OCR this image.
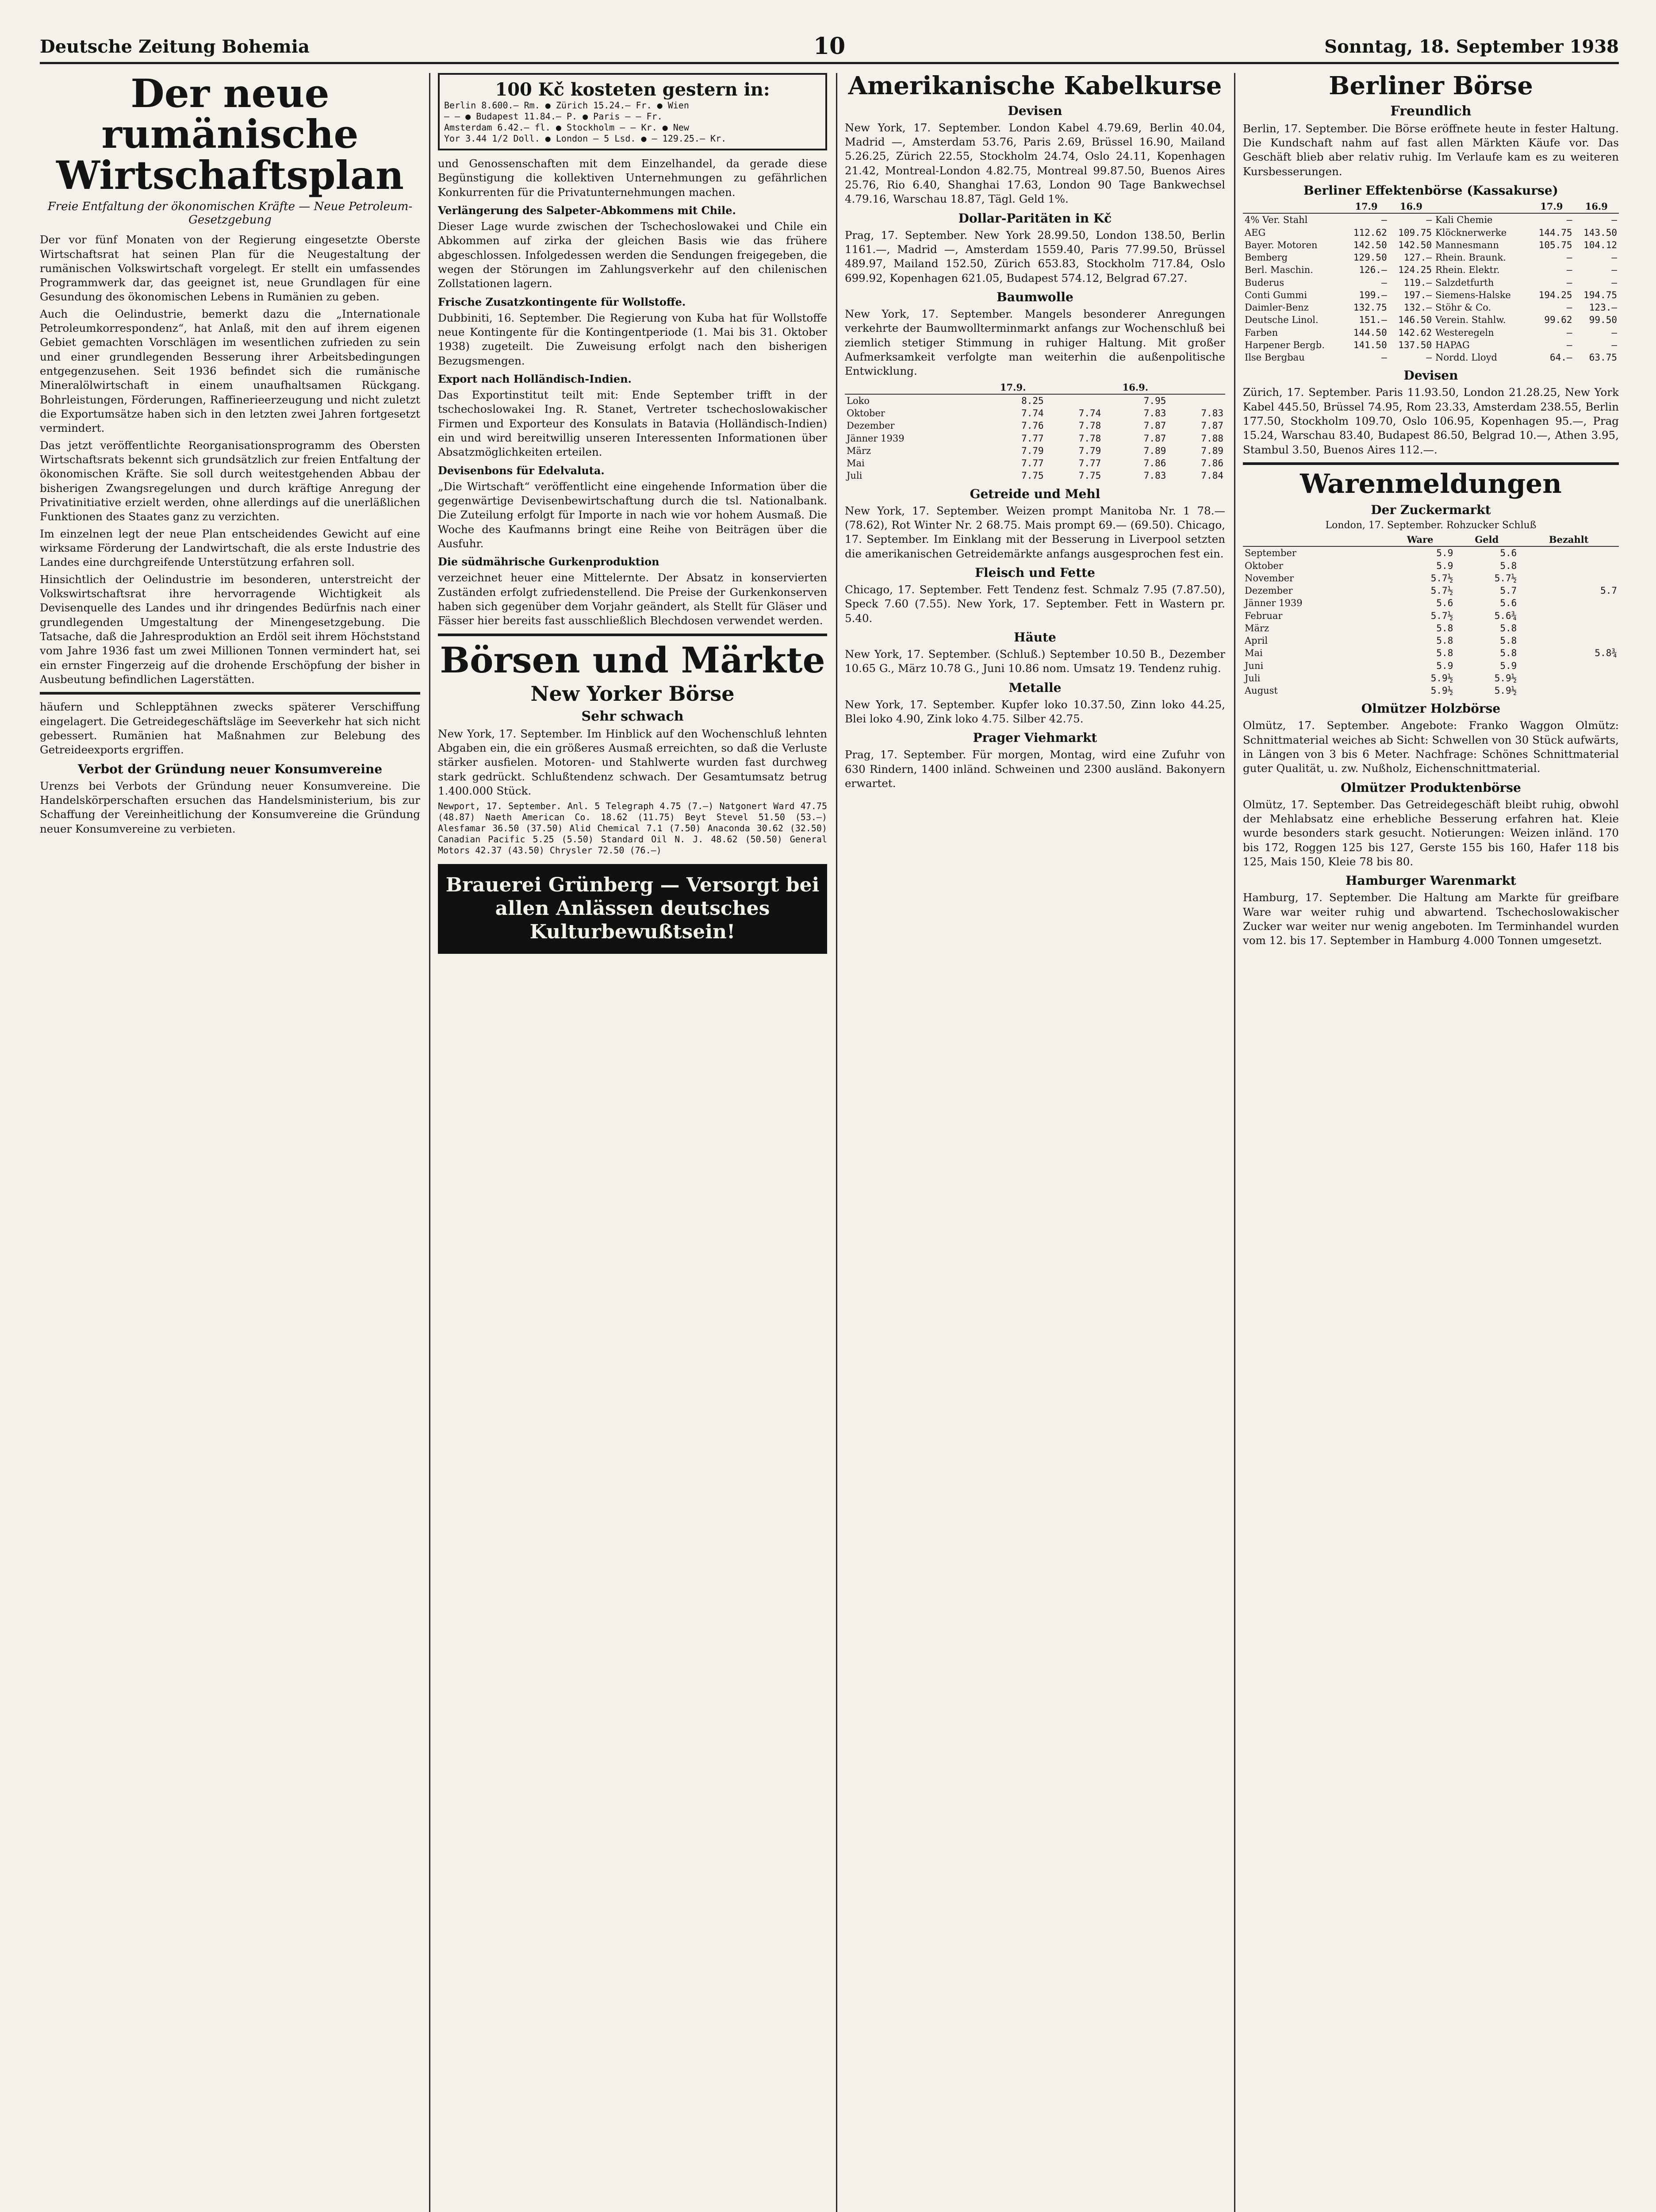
Deutsche Zeitung Bohemia	10	Sonntag, 18. September 1938
Der neue rumänische Wirtschaftsplan
Freie Entfaltung der ökonomischen Kräfte — Neue Petroleum-Gesetzgebung

Der vor fünf Monaten von der Regierung eingesetzte Oberste Wirtschaftsrat hat seinen Plan für die Neugestaltung der rumänischen Volkswirtschaft vorgelegt. Er stellt ein umfassendes Programmwerk dar, das geeignet ist, neue Grundlagen für eine Gesundung des ökonomischen Lebens in Rumänien zu geben.

Auch die Oelindustrie, bemerkt dazu die „Internationale Petroleumkorrespondenz“, hat Anlaß, mit den auf ihrem eigenen Gebiet gemachten Vorschlägen im wesentlichen zufrieden zu sein und einer grundlegenden Besserung ihrer Arbeitsbedingungen entgegenzusehen. Seit 1936 befindet sich die rumänische Mineralölwirtschaft in einem unaufhaltsamen Rückgang. Bohrleistungen, Förderungen, Raffinerieerzeugung und nicht zuletzt die Exportumsätze haben sich in den letzten zwei Jahren fortgesetzt vermindert.

Das jetzt veröffentlichte Reorganisationsprogramm des Obersten Wirtschaftsrats bekennt sich grundsätzlich zur freien Entfaltung der ökonomischen Kräfte. Sie soll durch weitestgehenden Abbau der bisherigen Zwangsregelungen und durch kräftige Anregung der Privatinitiative erzielt werden, ohne allerdings auf die unerläßlichen Funktionen des Staates ganz zu verzichten.

Im einzelnen legt der neue Plan entscheidendes Gewicht auf eine wirksame Förderung der Landwirtschaft, die als erste Industrie des Landes eine durchgreifende Unterstützung erfahren soll.

Hinsichtlich der Oelindustrie im besonderen, unterstreicht der Volkswirtschaftsrat ihre hervorragende Wichtigkeit als Devisenquelle des Landes und ihr dringendes Bedürfnis nach einer grundlegenden Umgestaltung der Minengesetzgebung. Die Tatsache, daß die Jahresproduktion an Erdöl seit ihrem Höchststand vom Jahre 1936 fast um zwei Millionen Tonnen vermindert hat, sei ein ernster Fingerzeig auf die drohende Erschöpfung der bisher in Ausbeutung befindlichen Lagerstätten.

häufern und Schlepptähnen zwecks späterer Verschiffung eingelagert. Die Getreidegeschäftsläge im Seeverkehr hat sich nicht gebessert. Rumänien hat Maßnahmen zur Belebung des Getreideexports ergriffen.

Verbot der Gründung neuer Konsumvereine

Urenzs bei Verbots der Gründung neuer Konsumvereine. Die Handelskörperschaften ersuchen das Handelsministerium, bis zur Schaffung der Vereinheitlichung der Konsumvereine die Gründung neuer Konsumvereine zu verbieten.

100 Kč kosteten gestern in:
Berlin 8.600.— Rm. ● Zürich 15.24.— Fr. ● Wien
— — ● Budapest 11.84.— P. ● Paris — — Fr.
Amsterdam 6.42.— fl. ● Stockholm — — Kr. ● New
Yor 3.44 1/2 Doll. ● London — 5 Lsd. ● — 129.25.— Kr.

und Genossenschaften mit dem Einzelhandel, da gerade diese Begünstigung die kollektiven Unternehmungen zu gefährlichen Konkurrenten für die Privatunternehmungen machen.

Verlängerung des Salpeter-Abkommens mit Chile.

Dieser Lage wurde zwischen der Tschechoslowakei und Chile ein Abkommen auf zirka der gleichen Basis wie das frühere abgeschlossen. Infolgedessen werden die Sendungen freigegeben, die wegen der Störungen im Zahlungsverkehr auf den chilenischen Zollstationen lagern.

Frische Zusatzkontingente für Wollstoffe.

Dubbiniti, 16. September. Die Regierung von Kuba hat für Wollstoffe neue Kontingente für die Kontingentperiode (1. Mai bis 31. Oktober 1938) zugeteilt. Die Zuweisung erfolgt nach den bisherigen Bezugsmengen.

Export nach Holländisch-Indien.

Das Exportinstitut teilt mit: Ende September trifft in der tschechoslowakei Ing. R. Stanet, Vertreter tschechoslowakischer Firmen und Exporteur des Konsulats in Batavia (Holländisch-Indien) ein und wird bereitwillig unseren Interessenten Informationen über Absatzmöglichkeiten erteilen.

Devisenbons für Edelvaluta.

„Die Wirtschaft“ veröffentlicht eine eingehende Information über die gegenwärtige Devisenbewirtschaftung durch die tsl. Nationalbank. Die Zuteilung erfolgt für Importe in nach wie vor hohem Ausmaß. Die Woche des Kaufmanns bringt eine Reihe von Beiträgen über die Ausfuhr.

Die südmährische Gurkenproduktion

verzeichnet heuer eine Mittelernte. Der Absatz in konservierten Zuständen erfolgt zufriedenstellend. Die Preise der Gurkenkonserven haben sich gegenüber dem Vorjahr geändert, als Stellt für Gläser und Fässer hier bereits fast ausschließlich Blechdosen verwendet werden.

Börsen und Märkte
New Yorker Börse
Sehr schwach

New York, 17. September. Im Hinblick auf den Wochenschluß lehnten Abgaben ein, die ein größeres Ausmaß erreichten, so daß die Verluste stärker ausfielen. Motoren- und Stahlwerte wurden fast durchweg stark gedrückt. Schlußtendenz schwach. Der Gesamtumsatz betrug 1.400.000 Stück.

Newport, 17. September. Anl. 5 Telegraph 4.75 (7.—) Natgonert Ward 47.75 (48.87) Naeth American Co. 18.62 (11.75) Beyt Stevel 51.50 (53.—) Alesfamar 36.50 (37.50) Alid Chemical 7.1 (7.50) Anaconda 30.62 (32.50) Canadian Pacific 5.25 (5.50) Standard Oil N. J. 48.62 (50.50) General Motors 42.37 (43.50) Chrysler 72.50 (76.—)

Brauerei Grünberg — Versorgt bei allen Anlässen deutsches Kulturbewußtsein!
Amerikanische Kabelkurse
Devisen

New York, 17. September. London Kabel 4.79.69, Berlin 40.04, Madrid —, Amsterdam 53.76, Paris 2.69, Brüssel 16.90, Mailand 5.26.25, Zürich 22.55, Stockholm 24.74, Oslo 24.11, Kopenhagen 21.42, Montreal-London 4.82.75, Montreal 99.87.50, Buenos Aires 25.76, Rio 6.40, Shanghai 17.63, London 90 Tage Bankwechsel 4.79.16, Warschau 18.87, Tägl. Geld 1%.

Dollar-Paritäten in Kč

Prag, 17. September. New York 28.99.50, London 138.50, Berlin 1161.—, Madrid —, Amsterdam 1559.40, Paris 77.99.50, Brüssel 489.97, Mailand 152.50, Zürich 653.83, Stockholm 717.84, Oslo 699.92, Kopenhagen 621.05, Budapest 574.12, Belgrad 67.27.

Baumwolle

New York, 17. September. Mangels besonderer Anregungen verkehrte der Baumwollterminmarkt anfangs zur Wochenschluß bei ziemlich stetiger Stimmung in ruhiger Haltung. Mit großer Aufmerksamkeit verfolgte man weiterhin die außenpolitische Entwicklung.

	17.9.		16.9.	
Loko	8.25		7.95	
Oktober	7.74	7.74	7.83	7.83
Dezember	7.76	7.78	7.87	7.87
Jänner 1939	7.77	7.78	7.87	7.88
März	7.79	7.79	7.89	7.89
Mai	7.77	7.77	7.86	7.86
Juli	7.75	7.75	7.83	7.84
Getreide und Mehl

New York, 17. September. Weizen prompt Manitoba Nr. 1 78.— (78.62), Rot Winter Nr. 2 68.75. Mais prompt 69.— (69.50). Chicago, 17. September. Im Einklang mit der Besserung in Liverpool setzten die amerikanischen Getreidemärkte anfangs ausgesprochen fest ein.

Fleisch und Fette

Chicago, 17. September. Fett Tendenz fest. Schmalz 7.95 (7.87.50), Speck 7.60 (7.55). New York, 17. September. Fett in Wastern pr. 5.40.

Häute

New York, 17. September. (Schluß.) September 10.50 B., Dezember 10.65 G., März 10.78 G., Juni 10.86 nom. Umsatz 19. Tendenz ruhig.

Metalle

New York, 17. September. Kupfer loko 10.37.50, Zinn loko 44.25, Blei loko 4.90, Zink loko 4.75. Silber 42.75.

Prager Viehmarkt

Prag, 17. September. Für morgen, Montag, wird eine Zufuhr von 630 Rindern, 1400 inländ. Schweinen und 2300 ausländ. Bakonyern erwartet.

Berliner Börse
Freundlich

Berlin, 17. September. Die Börse eröffnete heute in fester Haltung. Die Kundschaft nahm auf fast allen Märkten Käufe vor. Das Geschäft blieb aber relativ ruhig. Im Verlaufe kam es zu weiteren Kursbesserungen.

Berliner Effektenbörse (Kassakurse)
	17.9	16.9		17.9	16.9
4% Ver. Stahl	—	—	Kali Chemie	—	—
AEG	112.62	109.75	Klöcknerwerke	144.75	143.50
Bayer. Motoren	142.50	142.50	Mannesmann	105.75	104.12
Bemberg	129.50	127.—	Rhein. Braunk.	—	—
Berl. Maschin.	126.—	124.25	Rhein. Elektr.	—	—
Buderus	—	119.—	Salzdetfurth	—	—
Conti Gummi	199.—	197.—	Siemens-Halske	194.25	194.75
Daimler-Benz	132.75	132.—	Stöhr & Co.	—	123.—
Deutsche Linol.	151.—	146.50	Verein. Stahlw.	99.62	99.50
Farben	144.50	142.62	Westeregeln	—	—
Harpener Bergb.	141.50	137.50	HAPAG	—	—
Ilse Bergbau	—	—	Nordd. Lloyd	64.—	63.75
Devisen

Zürich, 17. September. Paris 11.93.50, London 21.28.25, New York Kabel 445.50, Brüssel 74.95, Rom 23.33, Amsterdam 238.55, Berlin 177.50, Stockholm 109.70, Oslo 106.95, Kopenhagen 95.—, Prag 15.24, Warschau 83.40, Budapest 86.50, Belgrad 10.—, Athen 3.95, Stambul 3.50, Buenos Aires 112.—.

Warenmeldungen
Der Zuckermarkt
London, 17. September. Rohzucker Schluß
	Ware	Geld	Bezahlt
September	5.9	5.6	
Oktober	5.9	5.8	
November	5.7½	5.7½	
Dezember	5.7½	5.7	5.7
Jänner 1939	5.6	5.6	
Februar	5.7½	5.6¾	
März	5.8	5.8	
April	5.8	5.8	
Mai	5.8	5.8	5.8¾
Juni	5.9	5.9	
Juli	5.9½	5.9½	
August	5.9½	5.9½	
Olmützer Holzbörse

Olmütz, 17. September. Angebote: Franko Waggon Olmütz: Schnittmaterial weiches ab Sicht: Schwellen von 30 Stück aufwärts, in Längen von 3 bis 6 Meter. Nachfrage: Schönes Schnittmaterial guter Qualität, u. zw. Nußholz, Eichenschnittmaterial.

Olmützer Produktenbörse

Olmütz, 17. September. Das Getreidegeschäft bleibt ruhig, obwohl der Mehlabsatz eine erhebliche Besserung erfahren hat. Kleie wurde besonders stark gesucht. Notierungen: Weizen inländ. 170 bis 172, Roggen 125 bis 127, Gerste 155 bis 160, Hafer 118 bis 125, Mais 150, Kleie 78 bis 80.

Hamburger Warenmarkt

Hamburg, 17. September. Die Haltung am Markte für greifbare Ware war weiter ruhig und abwartend. Tschechoslowakischer Zucker war weiter nur wenig angeboten. Im Terminhandel wurden vom 12. bis 17. September in Hamburg 4.000 Tonnen umgesetzt.
